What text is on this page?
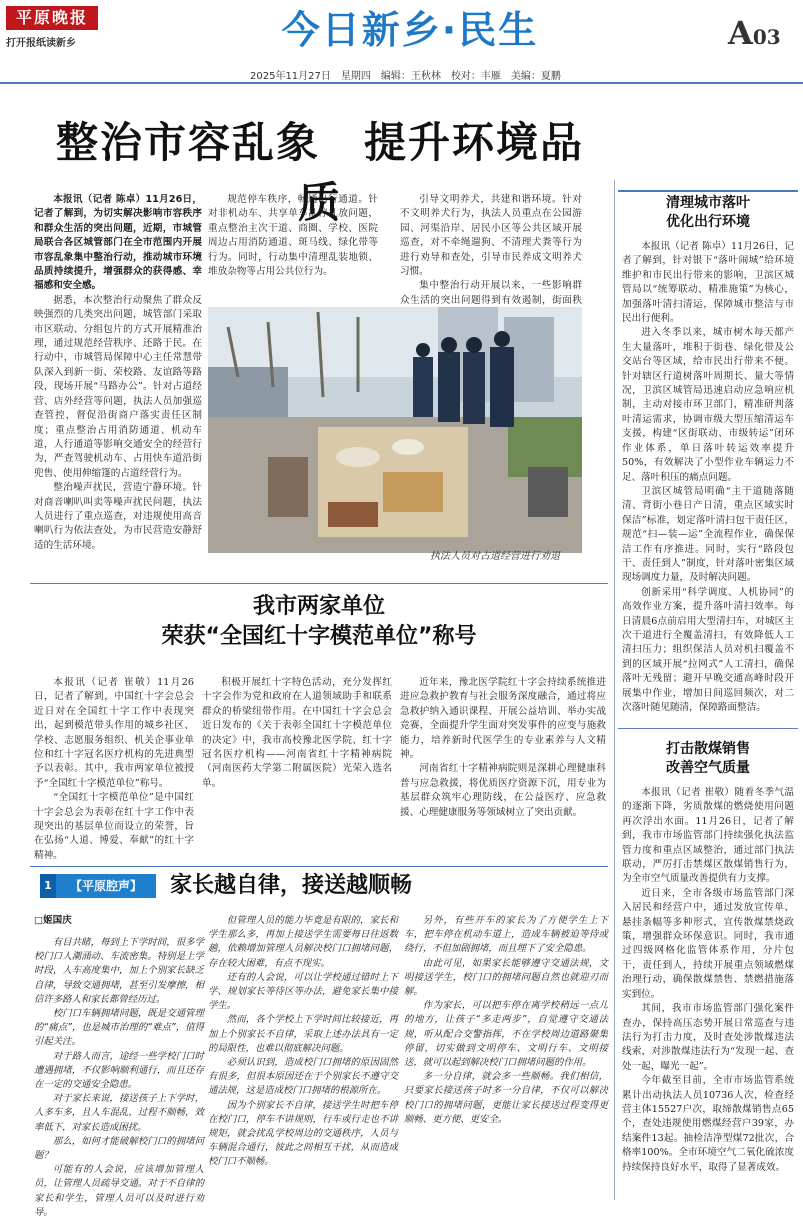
平原晚报
打开报纸读新乡	今日新乡·民生	A03
2025年11月27日　星期四　编辑：王秋林　校对：丰雁　美编：夏鹏
整治市容乱象　提升环境品质

本报讯（记者 陈卓）11月26日，记者了解到，为切实解决影响市容秩序和群众生活的突出问题，近期，市城管局联合各区城管部门在全市范围内开展市容乱象集中整治行动，推动城市环境品质持续提升，增强群众的获得感、幸福感和安全感。

据悉，本次整治行动聚焦了群众反映强烈的几类突出问题，城管部门采取市区联动、分组包片的方式开展精准治理，通过规范经营秩序、还路于民。在行动中，市城管局保障中心主任常慧带队深入到新一街、荣校路、友谊路等路段，现场开展“马路办公”。针对占道经营、店外经营等问题，执法人员加强巡查管控，督促沿街商户落实责任区制度；重点整治占用消防通道、机动车道，人行通道等影响交通安全的经营行为，严查驾驶机动车、占用快车道沿街兜售、使用伸缩篷的占道经营行为。

整治噪声扰民，营造宁静环境。针对商音喇叭叫卖等噪声扰民问题，执法人员进行了重点巡查，对违规使用高音喇叭行为依法查处，为市民营造安静舒适的生活环境。

规范停车秩序，畅通出行通道。针对非机动车、共享单车乱停乱放问题，重点整治主次干道、商圈、学校、医院周边占用消防通道、斑马线、绿化带等行为。同时，行动集中清理乱装地锁、堆放杂物等占用公共位行为。

引导文明养犬，共建和谐环境。针对不文明养犬行为，执法人员重点在公园游园、河渠沿岸、居民小区等公共区域开展巡查，对不牵绳遛狗、不清理犬粪等行为进行劝导和查处，引导市民养成文明养犬习惯。

集中整治行动开展以来，一些影响群众生活的突出问题得到有效遏制，街面秩

执法人员对占道经营进行劝退
清理城市落叶
优化出行环境

本报讯（记者 陈卓）11月26日，记者了解到，针对银下“落叶闹城”给环境维护和市民出行带来的影响，卫滨区城管局以“统筹联动、精准施策”为核心，加强落叶清扫清运，保障城市整洁与市民出行便利。

进入冬季以来，城市树木每天都产生大量落叶，堆积于街巷、绿化带及公交站台等区域，给市民出行带来不便。针对辖区行道树落叶周期长、量大等情况，卫滨区城管局迅速启动应急响应机制，主动对接市环卫部门，精准研判落叶清运需求，协调市级大型压缩清运车支援，构建“区街联动、市级转运”闭环作业体系，单日落叶转运效率提升50%，有效解决了小型作业车辆运力不足、落叶积压的痛点问题。

卫滨区城管局明确“主干道随落随清、背街小巷日产日清，重点区域实时保洁”标准，划定落叶清扫包干责任区，规范“扫—装—运”全流程作业，确保保洁工作有序推进。同时，实行“路段包干、责任到人”制度，针对落叶密集区域现场调度力量，及时解决问题。

创新采用“科学调度、人机协同”的高效作业方案，提升落叶清扫效率。每日清晨6点前启用大型清扫车，对城区主次干道进行全覆盖清扫，有效降低人工清扫压力；组织保洁人员对机扫覆盖不到的区域开展“拉网式”人工清扫，确保落叶无残留；避开早晚交通高峰时段开展集中作业，增加日间巡回频次，对二次落叶随见随清，保障路面整洁。

打击散煤销售
改善空气质量

本报讯（记者 崔敬）随着冬季气温的逐渐下降，劣质散煤的燃烧使用问题再次浮出水面。11月26日，记者了解到，我市市场监管部门持续强化执法监管力度和重点区域整治，通过部门执法联动，严厉打击禁煤区散煤销售行为，为全市空气质量改善提供有力支撑。

近日来，全市各级市场监管部门深入居民和经营户中，通过发放宣传单、悬挂条幅等多种形式，宣传散煤禁烧政策，增强群众环保意识。同时，我市通过四级网格化监管体系作用，分片包干，责任到人，持续开展重点领域燃煤治理行动，确保散煤禁售、禁燃措施落实到位。

其间，我市市场监管部门强化案件查办，保持高压态势开展日常巡查与违法行为打击力度，及时查处涉散煤违法线索，对涉散煤违法行为“发现一起、查处一起，曝光一起”。

今年截至目前，全市市场监管系统累计出动执法人员10736人次，检查经营主体15527户次，取缔散煤销售点65个，查处违规使用燃煤经营户39家，办结案件13起。抽检洁净型煤72批次，合格率100%。全市环境空气二氧化硫浓度持续保持良好水平，取得了显著成效。

我市两家单位
荣获“全国红十字模范单位”称号

本报讯（记者 崔敬）11月26日，记者了解到，中国红十字会总会近日对在全国红十字工作中表现突出，起到模范带头作用的城乡社区、学校、志愿服务组织、机关企事业单位和红十字冠名医疗机构的先进典型予以表彰。其中，我市两家单位被授予“全国红十字模范单位”称号。

“全国红十字模范单位”是中国红十字会总会为表彰在红十字工作中表现突出的基层单位而设立的荣誉，旨在弘扬“人道、博爱、奉献”的红十字精神。

积极开展红十字特色活动，充分发挥红十字会作为党和政府在人道领域助手和联系群众的桥梁纽带作用。在中国红十字会总会近日发布的《关于表彰全国红十字模范单位的决定》中，我市高校豫北医学院、红十字冠名医疗机构——河南省红十字精神病院（河南医药大学第二附属医院）光荣入选名单。

近年来，豫北医学院红十字会持续系统推进进应急救护教育与社会服务深度融合，通过将应急救护纳入通识课程、开展公益培训、举办实战竞赛，全面提升学生面对突发事件的应变与施救能力，培养新时代医学生的专业素养与人文精神。

河南省红十字精神病院则是深耕心理健康科普与应急救援，将优质医疗资源下沉，用专业为基层群众筑牢心理防线，在公益医疗、应急救援、心理健康服务等领域树立了突出贡献。

1	【平原腔声】	家长越自律，接送越顺畅
□姬国庆

有目共睹，每到上下学时间，很多学校门口人潮涌动、车流密集。特别是上学时段，人车高度集中，加上个别家长缺乏自律，导致交通拥堵，甚至引发摩擦，相信许多路人和家长都曾经历过。

校门口车辆拥堵问题，既是交通管理的“痛点”，也是城市治理的“难点”，值得引起关注。

对于路人而言，途经一些学校门口时遭遇拥堵，不仅影响顺利通行，而且还存在一定的交通安全隐患。

对于家长来说，接送孩子上下学时，人多车多，且人车混乱，过程不顺畅，效率低下，对家长造成困扰。

那么，如何才能破解校门口的拥堵问题？

可能有的人会说，应该增加管理人员，让管理人员疏导交通。对于不自律的家长和学生，管理人员可以及时进行劝导。

但管理人员的能力毕竟是有限的，家长和学生那么多，再加上接送学生需要每日往返数趟，依赖增加管理人员解决校门口拥堵问题，存在较大困难，有点不现实。

还有的人会说，可以让学校通过错时上下学、规划家长等待区等办法，避免家长集中接学生。

然而，各个学校上下学时间比较接近，再加上个别家长不自律，采取上述办法具有一定的局限性，也难以彻底解决问题。

必须认识到，造成校门口拥堵的原因固然有很多，但很本原因还在于个别家长不遵守交通法规，这是造成校门口拥堵的根源所在。

因为个别家长不自律，接送学生时把车停在校门口，停车不讲规则，行车或行走也不讲规矩，就会扰乱学校周边的交通秩序，人员与车辆混合通行，彼此之间相互干扰，从而造成校门口不顺畅。

另外，有些开车的家长为了方便学生上下车，把车停在机动车道上，造成车辆被迫等待或绕行，不但加剧拥堵，而且埋下了安全隐患。

由此可见，如果家长能够遵守交通法规，文明接送学生，校门口的拥堵问题自然也就迎刃而解。

作为家长，可以把车停在离学校稍远一点儿的地方，让孩子“多走两步”，自觉遵守交通法规，听从配合交警指挥，不在学校周边道路聚集停留，切实做到文明停车、文明行车、文明接送，就可以起到解决校门口拥堵问题的作用。

多一分自律，就会多一些顺畅。我们相信，只要家长接送孩子时多一分自律，不仅可以解决校门口的拥堵问题，更能让家长接送过程变得更顺畅、更方便、更安全。
